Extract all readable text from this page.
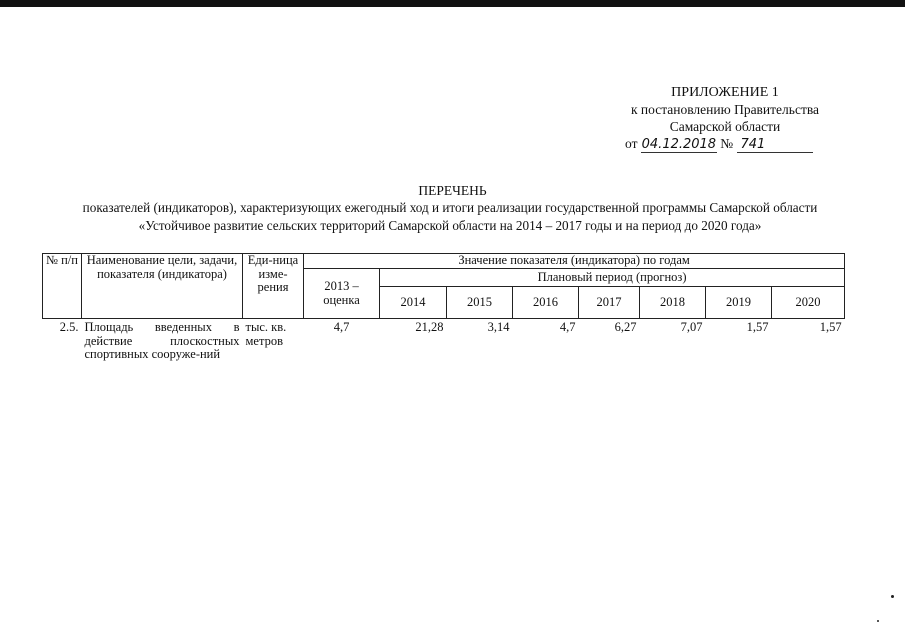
ПРИЛОЖЕНИЕ 1
к постановлению Правительства
Самарской области
от 04.12.2018 № 741
ПЕРЕЧЕНЬ
показателей (индикаторов), характеризующих ежегодный ход и итоги реализации государственной программы Самарской области «Устойчивое развитие сельских территорий Самарской области на 2014 – 2017 годы и на период до 2020 года»
№ п/п	Наименование цели, задачи, показателя (индикатора)	Еди-ница изме-рения	Значение показателя (индикатора) по годам							
			2013 – оценка	Плановый период (прогноз)						
				2014	2015	2016	2017	2018	2019	2020
2.5.	Площадь введенных в действие плоскостных спортивных сооруже-ний	тыс. кв. метров	4,7	21,28	3,14	4,7	6,27	7,07	1,57	1,57
